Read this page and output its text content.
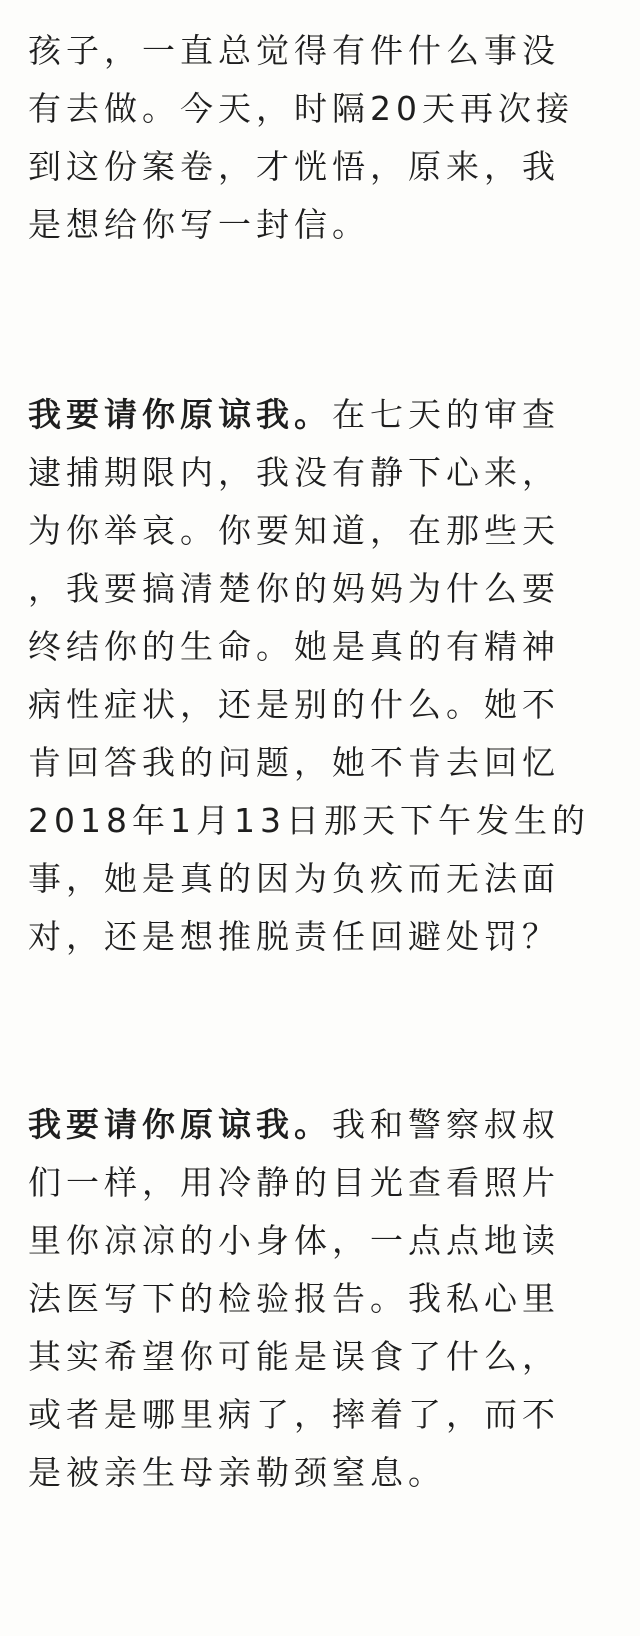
孩子，一直总觉得有件什么事没
有去做。今天，时隔20天再次接
到这份案卷，才恍悟，原来，我
是想给你写一封信。
我要请你原谅我。在七天的审查
逮捕期限内，我没有静下心来，
为你举哀。你要知道，在那些天
，我要搞清楚你的妈妈为什么要
终结你的生命。她是真的有精神
病性症状，还是别的什么。她不
肯回答我的问题，她不肯去回忆
2018年1月13日那天下午发生的
事，她是真的因为负疚而无法面
对，还是想推脱责任回避处罚？
我要请你原谅我。我和警察叔叔
们一样，用冷静的目光查看照片
里你凉凉的小身体，一点点地读
法医写下的检验报告。我私心里
其实希望你可能是误食了什么，
或者是哪里病了，摔着了，而不
是被亲生母亲勒颈窒息。
